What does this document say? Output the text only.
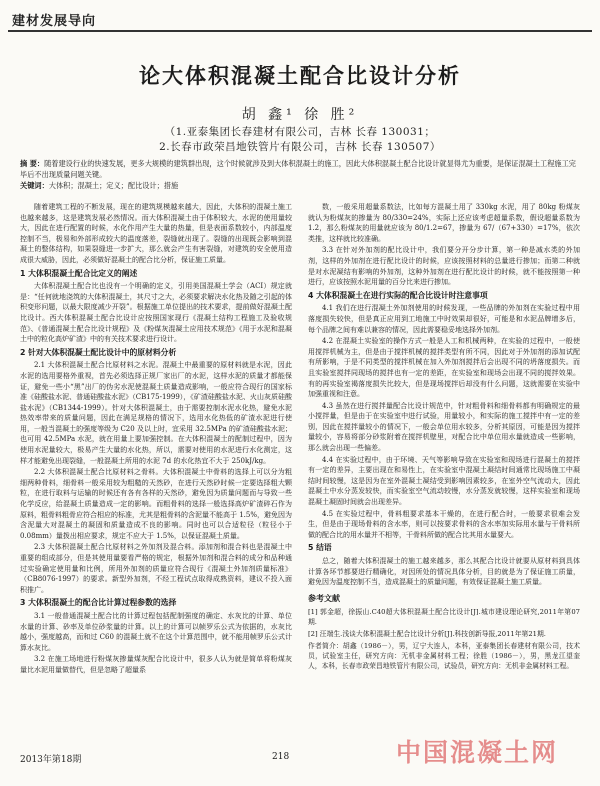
建材发展导向
论大体积混凝土配合比设计分析
胡 鑫¹ 徐 胜²
（1.亚泰集团长春建材有限公司，吉林 长春 130031；
2.长春市政荣昌地铁管片有限公司，吉林 长春 130507）
摘 要：随着建设行业的快速发展，更多大规模的建筑群出现，这个时候就涉及到大体积混凝土的施工，因此大体积混凝土配合比设计就显得尤为重要，是保证混凝土工程施工完毕后不出现质量问题关键。
关键词：大体积；混凝土；定义；配比设计；措施

随着建筑工程的不断发展，现在的建筑规模越来越大，因此，大体积的混凝土施工也越来越多，这是建筑发展必然情况。而大体积混凝土由于体积较大，水泥的使用量较大，因此在进行配置的时候，水化作用产生大量的热量，但是表面系数较小，内部温度控制不当，极易和外部形成较大的温度落差，裂缝就出现了。裂缝的出现既会影响到混凝土的整体结构，如果裂缝进一步扩大，那么就会产生有害裂缝，对建筑的安全使用造成很大威胁，因此，必须做好混凝土的配合比分析，保证施工质量。

1 大体积混凝土配合比定义的阐述

大体积混凝土配合比也没有一个明确的定义，引用美国混凝土学会（ACI）规定就是：“任何就地浇筑的大体积混凝土，其尺寸之大，必须要求解决水化热及随之引起的体积变形问题，以最大限度减少开裂”。根据施工单位提出的技术要求，提前做好混凝土配比设计。西大体积混凝土配合比设计应按照国家现行《混凝土结构工程施工及验收规范》、《普通混凝土配合比设计规程》及《粉煤灰混凝土应用技术规范》《用于水泥和混凝土中的粒化高炉矿渣》中的有关技术要求进行设计。

2 针对大体积混凝土配比设计中的原材料分析

2.1 大体积混凝土配合比原材料之水泥。混凝土中最重要的原材料就是水泥，因此水泥的选用要格外重视，首先必须选择正规厂家出厂的水泥，这样水泥的质量才都能保证，避免一些小“黑”出厂的伪劣水泥使混凝土质量造成影响，一般应符合现行的国家标准《硅酸盐水泥、普通硅酸盐水泥》（CB175-1999），《矿渣硅酸盐水泥、火山灰质硅酸盐水泥》（CB1344-1999）。针对大体积混凝土，由于需要控制水泥水化热，避免水泥热效率带来的质量问题，因此在满足规格的情况下，选用水化热低的矿渣水泥进行使用，一般当混凝土的强度等级为 C20 及以上时，宜采用 32.5MPa 的矿渣硅酸盐水泥；也可用 42.5MPa 水泥，就在用量上要加强控制。在大体积混凝土的配制过程中，因为使用水泥量较大，极易产生大量的水化热，所以，需要对使用的水泥进行水化测定，这样才能避免出现裂缝，一般混凝土所用的水泥 7d 的水化热宜不大于 250kJ/kg。

2.2 大体积混凝土配合比原材料之骨料。大体积混凝土中骨料的选择上可以分为粗细两种骨料，细骨料一般采用较为粗糙的天然砂，在进行天然砂时候一定要选择粗大颗粒，在进行取料与运输的时候还有各有各样的天然砂，避免因为质量问题而与导致一些化学反应，给混凝土质量造成一定的影响。而粗骨料的选择一般选择高炉矿渣碎石作为原料，粗骨料粗骨应符合相应的标准，尤其是粗骨料的含泥量不能高于 1.5%，避免因为含泥量大对混凝土的凝固和质量造成不良的影响。同时也可以合适粒径（粒径小于 0.08mm）量拨出相应要求，规定不应大于 1.5%，以保证混凝土质量。

2.3 大体积混凝土配合比原材料之外加剂及混合料。添加剂和混合料也是混凝土中重要的组成部分，但是其使用量要看严格的规定，根据外加剂和混合料的成分和品种通过实验确定使用量和比例，所用外加剂的质量应符合现行《混凝土外加剂质量标准》（CB8076-1997）的要求。新型外加剂，不经工程试点取得成熟资料，建议不投入面积推广。

3 大体积混凝土的配合比计算过程参数的选择

3.1 一般普通混凝土配合比的计算过程包括配制强度的确定、水灰比的计算、单位水量的计算、砂率及单位砂浆量的计算。以上的计算可以帧罗乐公式为依据的，水灰比越小，强度越高，而和过 C60 的混凝土就不在这个计算范围中，就不能用帧罗乐公式计算水灰比。

3.2 在施工场地进行粉煤灰掺量煤灰配合比设计中，很多人认为就是简单将粉煤灰量比水泥用量做替代，但是忽略了超量系

数，一般采用超量系数法，比如每方混凝土用了 330kg 水泥，用了 80kg 粉煤灰就认为粉煤灰的掺量为 80/330=24%，实际上还应该考虑超量系数，假设超量系数为 1.2，那么粉煤灰的用量就应该为 80/1.2=67，掺量为 67/（67+330）=17%，依次类推，这样就比较准确。

3.3 在针对外加剂的配比设计中，我们要分开分步计算，第一种是减水类的外加剂，这样的外加剂在进行配比设计的时候，应该按照材料的总量进行掺加；而第二种就是对水泥凝结有影响的外加剂，这种外加剂在进行配比设计的时候，就不能按照第一种进行，应该按照水泥用量的百分比来进行掺加。

4 大体积混凝土在进行实际的配合比设计时注意事项

4.1 我们在进行混凝土外加剂使用的时候发现，一些品牌的外加剂在实验过程中用落度损失较快，但是真正应用到工地施工中时效果却很好，可能是和水泥品牌增多后，每个品牌之间有难以兼容的情况，因此需要稳妥地选择外加剂。

4.2 在混凝土实验室的操作方式一般是人工和机械两种，在实验的过程中，一般使用搅拌机械为主，但是由于搅拌机械的搅拌类型有所不同，因此对于外加剂的添加试配有所影响，于是不同类型的搅拌机械在加入外加剂搅拌后会出现不同的坍落度损失。而且实验室搅拌同现场的搅拌也有一定的差距，在实验室和现场会出现不同的搅拌效果。有的再实验室褐落度损失比较大，但是现场搅拌后却没有什么问题，这就需要在实验中加强重视和注意。

4.3 虽然在进行搅拌量配合比设计规范中，针对粗骨料和细骨料都有明确规定的最小搅拌量，但是由于在实验室中进行试验，用量较小，和实际的施工搅拌中有一定的差别，因此在搅拌量较小的情况下，一般会单位用水较多，分析其原因，可能是因为搅拌量较小，容易将部分砂浆附着在搅拌机壁里，对配合比中单位用水量就造成一些影响，那么就会出现一些偏差。

4.4 在实验过程中，由于环境、天气等影响导致在实验室和现场进行混凝土的搅拌有一定的差异，主要出现在和易性上，在实验室中混凝土凝结时间通常比现场施工中凝结时间较慢，这是因为在室外混凝土凝结受到影响因素较多，在室外空气流动大，因此混凝土中水分蒸发较快，而实验室空气流动较慢，水分蒸发就较慢，这样实验室和现场混凝土凝固时间就会出现差异。

4.5 在实验过程中，骨料粗要求基本干燥的，在进行配合时，一般要求很难会发生，但是由于现场骨料的含水率，则可以按要求骨料的含水率加实际用水量与干骨料所做的配合比的用水量并不相等，干骨料所做的配合比其用水量要大。

5 结语

总之，随着大体积混凝土的施工越来越多，那么其配合比设计就要从原材料到具体计算各环节都要进行精确化，对因所处的情况具体分析，目的就是为了保证施工质量，避免因为温度控制不当，造成混凝土的质量问题，有效保证混凝土施工质量。

参考文献

[1] 郭金超，徐振山.C40超大体积混凝土配合比设计[J].城市建设理论研究,2011年第07期.

[2] 汪端生.浅谈大体积混凝土配合比设计分析[J].科技创新导报,2011年第21期.

作者简介：胡鑫（1986－），男，辽宁大连人，本科，亚泰集团长春建材有限公司，技术员，试验室主任，研究方向：无机非金属材料工程；徐胜（1986－），男，黑龙江望奎人，本科，长春市政荣昌地铁管片有限公司，试验员，研究方向：无机非金属材料工程。

2013年第18期	218	中国混凝土网
